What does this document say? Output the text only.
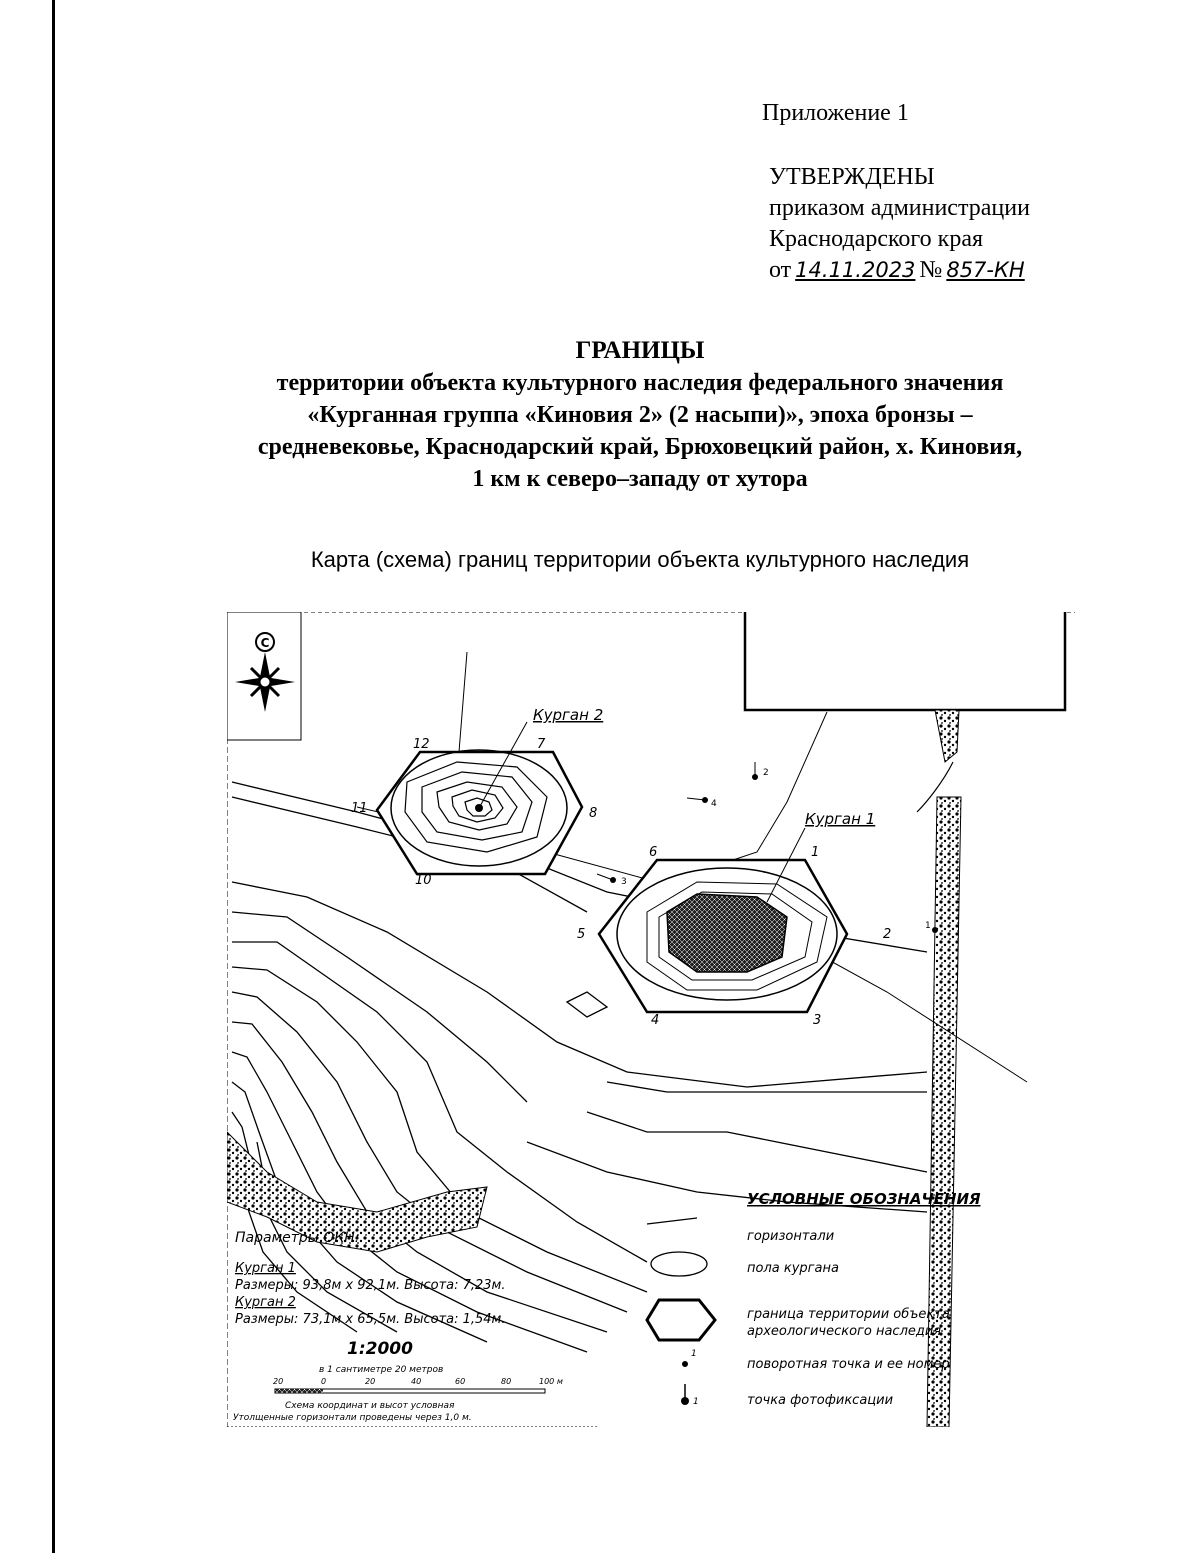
Приложение 1
УТВЕРЖДЕНЫ
приказом администрации
Краснодарского края
от 14.11.2023 № 857-КН
ГРАНИЦЫ
территории объекта культурного наследия федерального значения
«Курганная группа «Киновия 2» (2 насыпи)», эпоха бронзы –
средневековье, Краснодарский край, Брюховецкий район, х. Киновия,
1 км к северо–западу от хутора
Карта (схема) границ территории объекта культурного наследия
С
Курган 2
Курган 1
12	7
8
11
10
6	1
2
3
4
5
2
4
3
1
УСЛОВНЫЕ ОБОЗНАЧЕНИЯ
горизонтали
пола кургана
граница территории объекта
археологического наследия
1
поворотная точка и ее номер
1	точка фотофиксации
Параметры ОКН:
Курган 1
Размеры: 93,8м х 92,1м. Высота: 7,23м.
Курган 2
Размеры: 73,1м х 65,5м. Высота: 1,54м.
1:2000
в 1 сантиметре 20 метров
20	0	20	40	60	80	100 м
Схема координат и высот условная
Утолщенные горизонтали проведены через 1,0 м.
